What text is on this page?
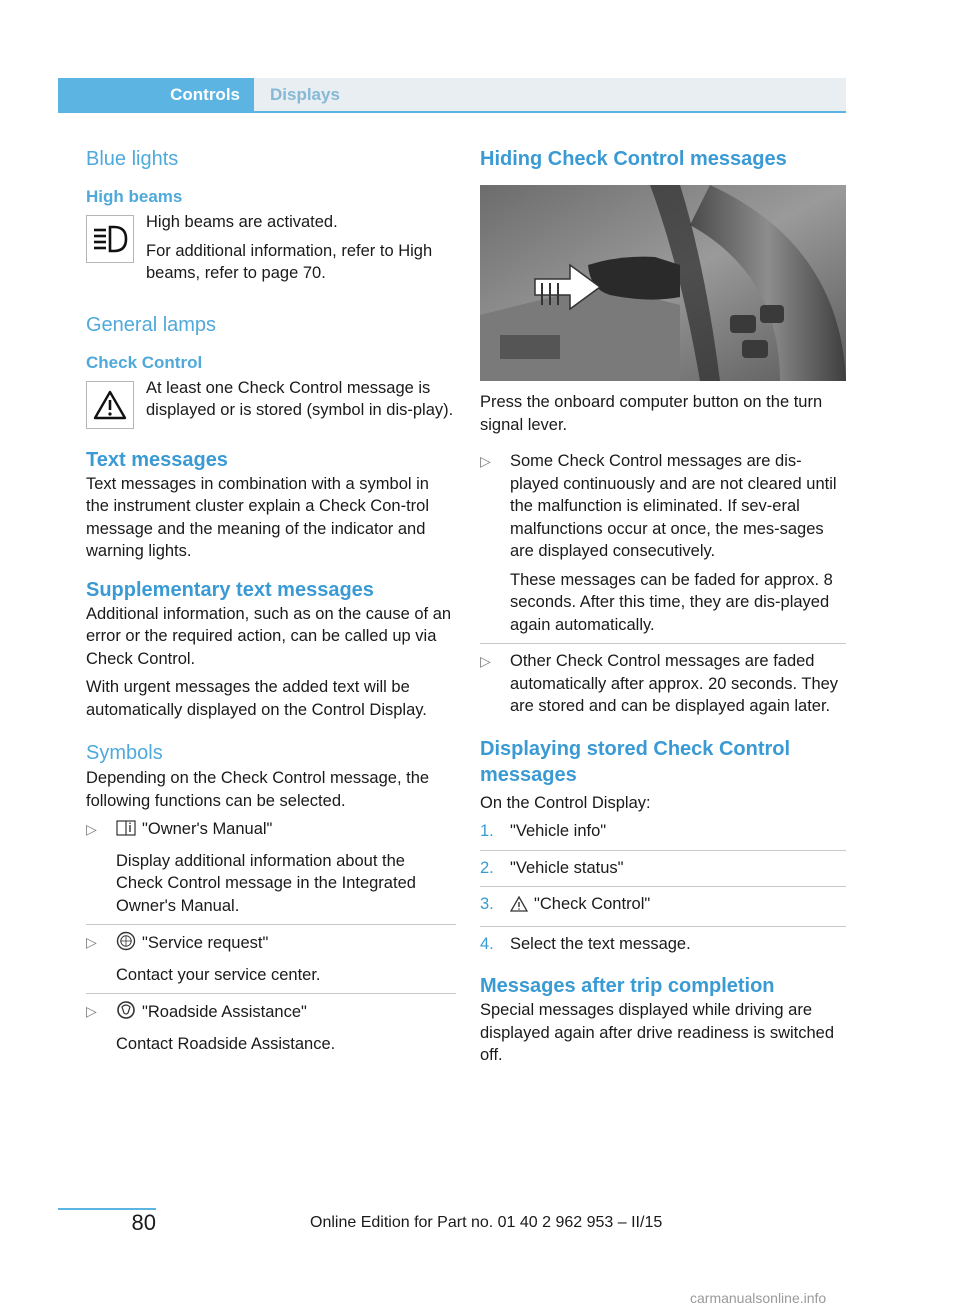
Controls Displays
Blue lights
High beams

High beams are activated.

For additional information, refer to High beams, refer to page 70.

General lamps
Check Control

At least one Check Control message is displayed or is stored (symbol in dis-play).

Text messages

Text messages in combination with a symbol in the instrument cluster explain a Check Con-trol message and the meaning of the indicator and warning lights.

Supplementary text messages

Additional information, such as on the cause of an error or the required action, can be called up via Check Control.

With urgent messages the added text will be automatically displayed on the Control Display.

Symbols

Depending on the Check Control message, the following functions can be selected.

▷	"Owner's Manual"

Display additional information about the Check Control message in the Integrated Owner's Manual.

▷	"Service request"

Contact your service center.

▷	"Roadside Assistance"

Contact Roadside Assistance.

Hiding Check Control messages

Press the onboard computer button on the turn signal lever.

▷ Some Check Control messages are dis-played continuously and are not cleared until the malfunction is eliminated. If sev-eral malfunctions occur at once, the mes-sages are displayed consecutively.

These messages can be faded for approx. 8 seconds. After this time, they are dis-played again automatically.

▷ Other Check Control messages are faded automatically after approx. 20 seconds. They are stored and can be displayed again later.

Displaying stored Check Control messages

On the Control Display:

1. "Vehicle info"
2. "Vehicle status"
3. "Check Control"
4. Select the text message.
Messages after trip completion

Special messages displayed while driving are displayed again after drive readiness is switched off.

80	Online Edition for Part no. 01 40 2 962 953 – II/15
carmanualsonline.info
